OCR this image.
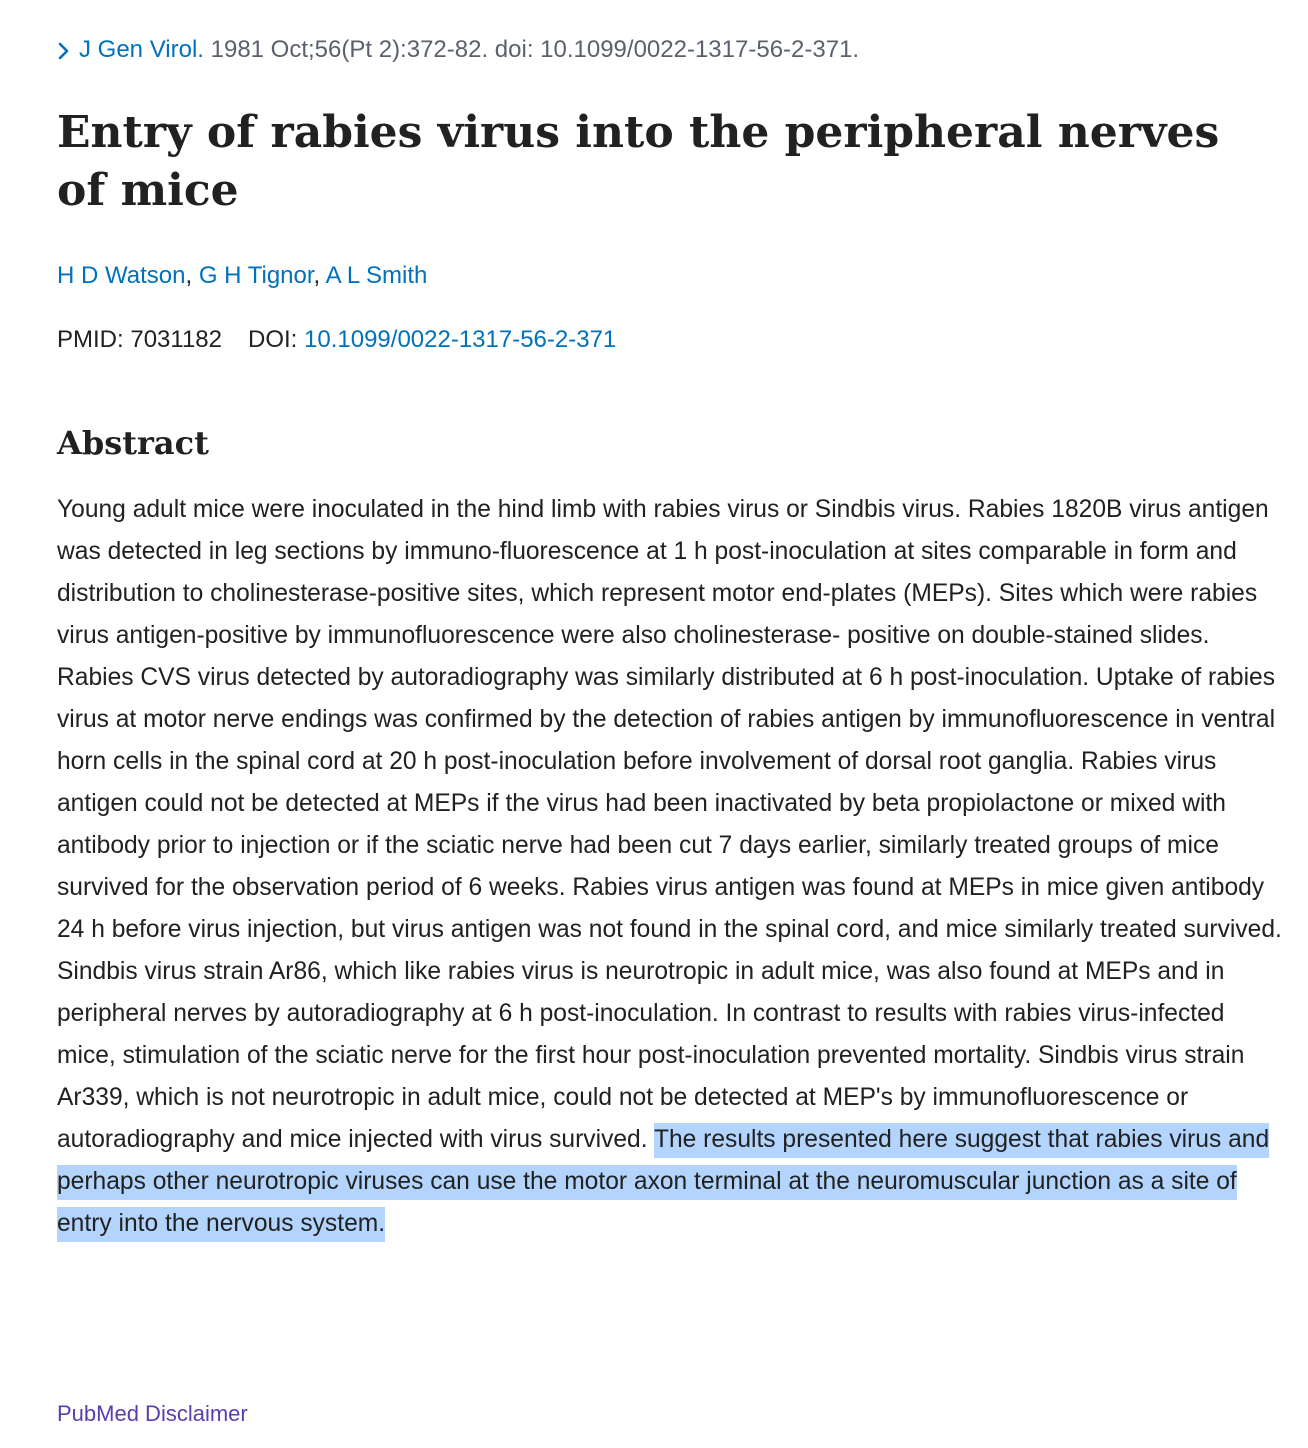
J Gen Virol. 1981 Oct;56(Pt 2):372-82. doi: 10.1099/0022-1317-56-2-371.
Entry of rabies virus into the peripheral nerves of mice
H D Watson, G H Tignor, A L Smith
PMID: 7031182 DOI: 10.1099/0022-1317-56-2-371
Abstract

Young adult mice were inoculated in the hind limb with rabies virus or Sindbis virus. Rabies 1820B virus antigen was detected in leg sections by immuno-fluorescence at 1 h post-inoculation at sites comparable in form and distribution to cholinesterase-positive sites, which represent motor end-plates (MEPs). Sites which were rabies virus antigen-positive by immunofluorescence were also cholinesterase- positive on double-stained slides. Rabies CVS virus detected by autoradiography was similarly distributed at 6 h post-inoculation. Uptake of rabies virus at motor nerve endings was confirmed by the detection of rabies antigen by immunofluorescence in ventral horn cells in the spinal cord at 20 h post-inoculation before involvement of dorsal root ganglia. Rabies virus antigen could not be detected at MEPs if the virus had been inactivated by beta propiolactone or mixed with antibody prior to injection or if the sciatic nerve had been cut 7 days earlier, similarly treated groups of mice survived for the observation period of 6 weeks. Rabies virus antigen was found at MEPs in mice given antibody 24 h before virus injection, but virus antigen was not found in the spinal cord, and mice similarly treated survived. Sindbis virus strain Ar86, which like rabies virus is neurotropic in adult mice, was also found at MEPs and in peripheral nerves by autoradiography at 6 h post-inoculation. In contrast to results with rabies virus-infected mice, stimulation of the sciatic nerve for the first hour post-inoculation prevented mortality. Sindbis virus strain Ar339, which is not neurotropic in adult mice, could not be detected at MEP's by immunofluorescence or autoradiography and mice injected with virus survived. The results presented here suggest that rabies virus and perhaps other neurotropic viruses can use the motor axon terminal at the neuromuscular junction as a site of entry into the nervous system.

PubMed Disclaimer
